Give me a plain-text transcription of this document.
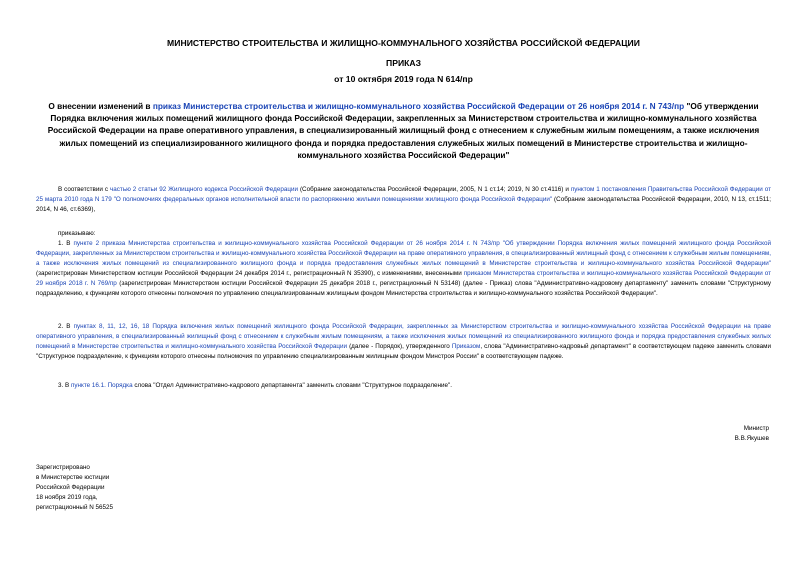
МИНИСТЕРСТВО СТРОИТЕЛЬСТВА И ЖИЛИЩНО-КОММУНАЛЬНОГО ХОЗЯЙСТВА РОССИЙСКОЙ ФЕДЕРАЦИИ

ПРИКАЗ

от 10 октября 2019 года N 614/пр

О внесении изменений в приказ Министерства строительства и жилищно-коммунального хозяйства Российской Федерации от 26 ноября 2014 г. N 743/пр "Об утверждении Порядка включения жилых помещений жилищного фонда Российской Федерации, закрепленных за Министерством строительства и жилищно-коммунального хозяйства Российской Федерации на праве оперативного управления, в специализированный жилищный фонд с отнесением к служебным жилым помещениям, а также исключения жилых помещений из специализированного жилищного фонда и порядка предоставления служебных жилых помещений в Министерстве строительства и жилищно-коммунального хозяйства Российской Федерации"

В соответствии с частью 2 статьи 92 Жилищного кодекса Российской Федерации (Собрание законодательства Российской Федерации, 2005, N 1 ст.14; 2019, N 30 ст.4116) и пунктом 1 постановления Правительства Российской Федерации от 25 марта 2010 года N 179 "О полномочиях федеральных органов исполнительной власти по распоряжению жилыми помещениями жилищного фонда Российской Федерации" (Собрание законодательства Российской Федерации, 2010, N 13, ст.1511; 2014, N 46, ст.6369),

приказываю:

1. В пункте 2 приказа Министерства строительства и жилищно-коммунального хозяйства Российской Федерации от 26 ноября 2014 г. N 743/пр "Об утверждении Порядка включения жилых помещений жилищного фонда Российской Федерации, закрепленных за Министерством строительства и жилищно-коммунального хозяйства Российской Федерации на праве оперативного управления, в специализированный жилищный фонд с отнесением к служебным жилым помещениям, а также исключения жилых помещений из специализированного жилищного фонда и порядка предоставления служебных жилых помещений в Министерстве строительства и жилищно-коммунального хозяйства Российской Федерации" (зарегистрирован Министерством юстиции Российской Федерации 24 декабря 2014 г., регистрационный N 35390), с изменениями, внесенными приказом Министерства строительства и жилищно-коммунального хозяйства Российской Федерации от 29 ноября 2018 г. N 769/пр (зарегистрирован Министерством юстиции Российской Федерации 25 декабря 2018 г., регистрационный N 53148) (далее - Приказ) слова "Административно-кадровому департаменту" заменить словами "Структурному подразделению, к функциям которого отнесены полномочия по управлению специализированным жилищным фондом Министерства строительства и жилищно-коммунального хозяйства Российской Федерации".

2. В пунктах 8, 11, 12, 16, 18 Порядка включения жилых помещений жилищного фонда Российской Федерации, закрепленных за Министерством строительства и жилищно-коммунального хозяйства Российской Федерации на праве оперативного управления, в специализированный жилищный фонд с отнесением к служебным жилым помещениям, а также исключения жилых помещений из специализированного жилищного фонда и порядка предоставления служебных жилых помещений в Министерстве строительства и жилищно-коммунального хозяйства Российской Федерации (далее - Порядок), утвержденного Приказом, слова "Административно-кадровый департамент" в соответствующем падеже заменить словами "Структурное подразделение, к функциям которого отнесены полномочия по управлению специализированным жилищным фондом Минстроя России" в соответствующем падеже.

3. В пункте 16.1. Порядка слова "Отдел Административно-кадрового департамента" заменить словами "Структурное подразделение".

Министр
В.В.Якушев
Зарегистрировано
в Министерстве юстиции
Российской Федерации
18 ноября 2019 года,
регистрационный N 56525
